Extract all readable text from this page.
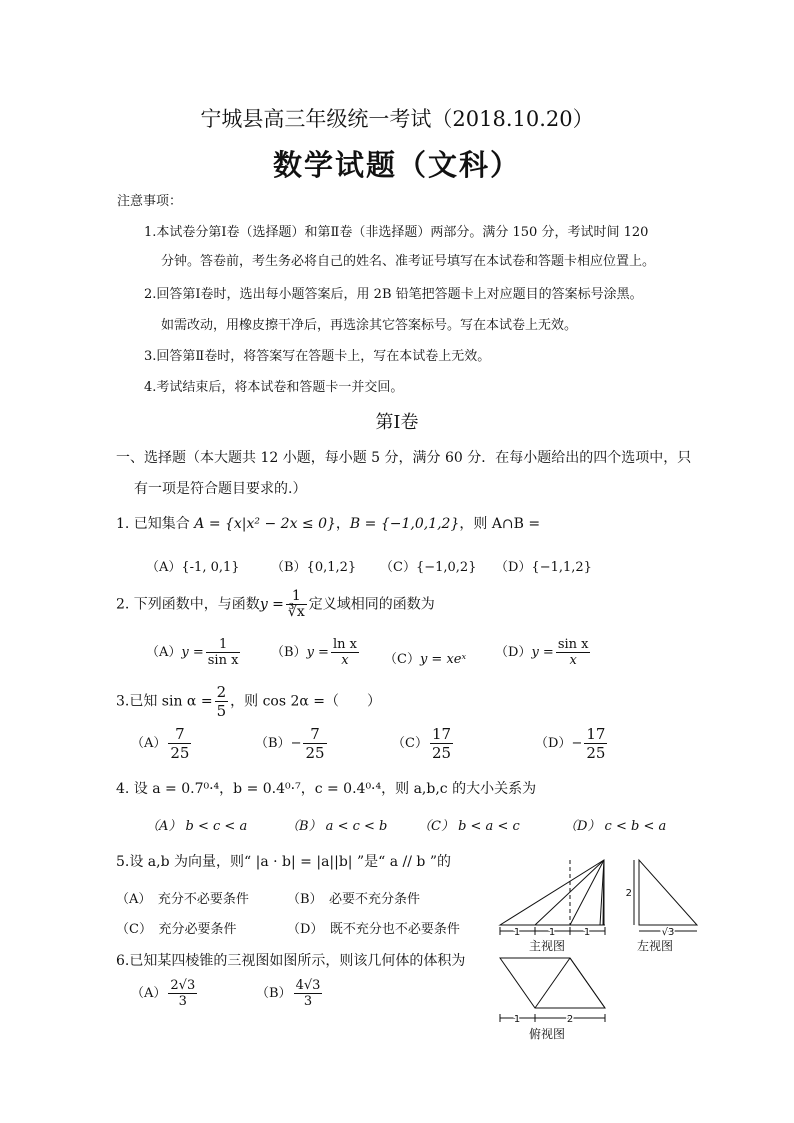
宁城县高三年级统一考试（2018.10.20）
数学试题（文科）
注意事项：
1.本试卷分第Ⅰ卷（选择题）和第Ⅱ卷（非选择题）两部分。满分 150 分，考试时间 120
分钟。答卷前，考生务必将自己的姓名、准考证号填写在本试卷和答题卡相应位置上。
2.回答第Ⅰ卷时，选出每小题答案后，用 2B 铅笔把答题卡上对应题目的答案标号涂黑。
如需改动，用橡皮擦干净后，再选涂其它答案标号。写在本试卷上无效。
3.回答第Ⅱ卷时，将答案写在答题卡上，写在本试卷上无效。
4.考试结束后，将本试卷和答题卡一并交回。
第Ⅰ卷
一、选择题（本大题共 12 小题，每小题 5 分，满分 60 分．在每小题给出的四个选项中，只
有一项是符合题目要求的.）
1. 已知集合 A = {x|x² − 2x ≤ 0}，B = {−1,0,1,2}，则 A∩B =
（A）{-1, 0,1} （B）{0,1,2} （C）{−1,0,2} （D）{−1,1,2}
2. 下列函数中，与函数$y = \frac{1}{∛x}$ 定义域相同的函数为
$(A)y = \frac{1}{\text{sin x}} (B)y = \frac{\text{ln x}}{x} (C)y$ = xeˣ $(D)y = \frac{\text{sin x}}{x}$
3.已知 $\sin \alpha = \frac{2}{5}$ ，则 cos 2α =（　　）
$(A) \frac{7}{25}$	$(B)- \frac{7}{25}$	$(C) \frac{17}{25}$	$(D)- \frac{17}{25}$
4. 设 a = 0.7⁰·⁴，b = 0.4⁰·⁷，c = 0.4⁰·⁴，则 a,b,c 的大小关系为
（A） b < c < a	（B） a < c < b （C） b < a < c	（D） c < b < a
5.设 a,b 为向量，则“ |a · b| = |a||b| ”是“ a // b ”的
（A）　充分不必要条件	（B）　必要不充分条件
（C）　充分必要条件	（D）　既不充分也不必要条件
6.已知某四棱锥的三视图如图所示，则该几何体的体积为
$(A) \frac{2√3}{3}$	$(B) \frac{4√3}{3}$
1	1	1
2
√3
1	2
主视图	左视图
俯视图
